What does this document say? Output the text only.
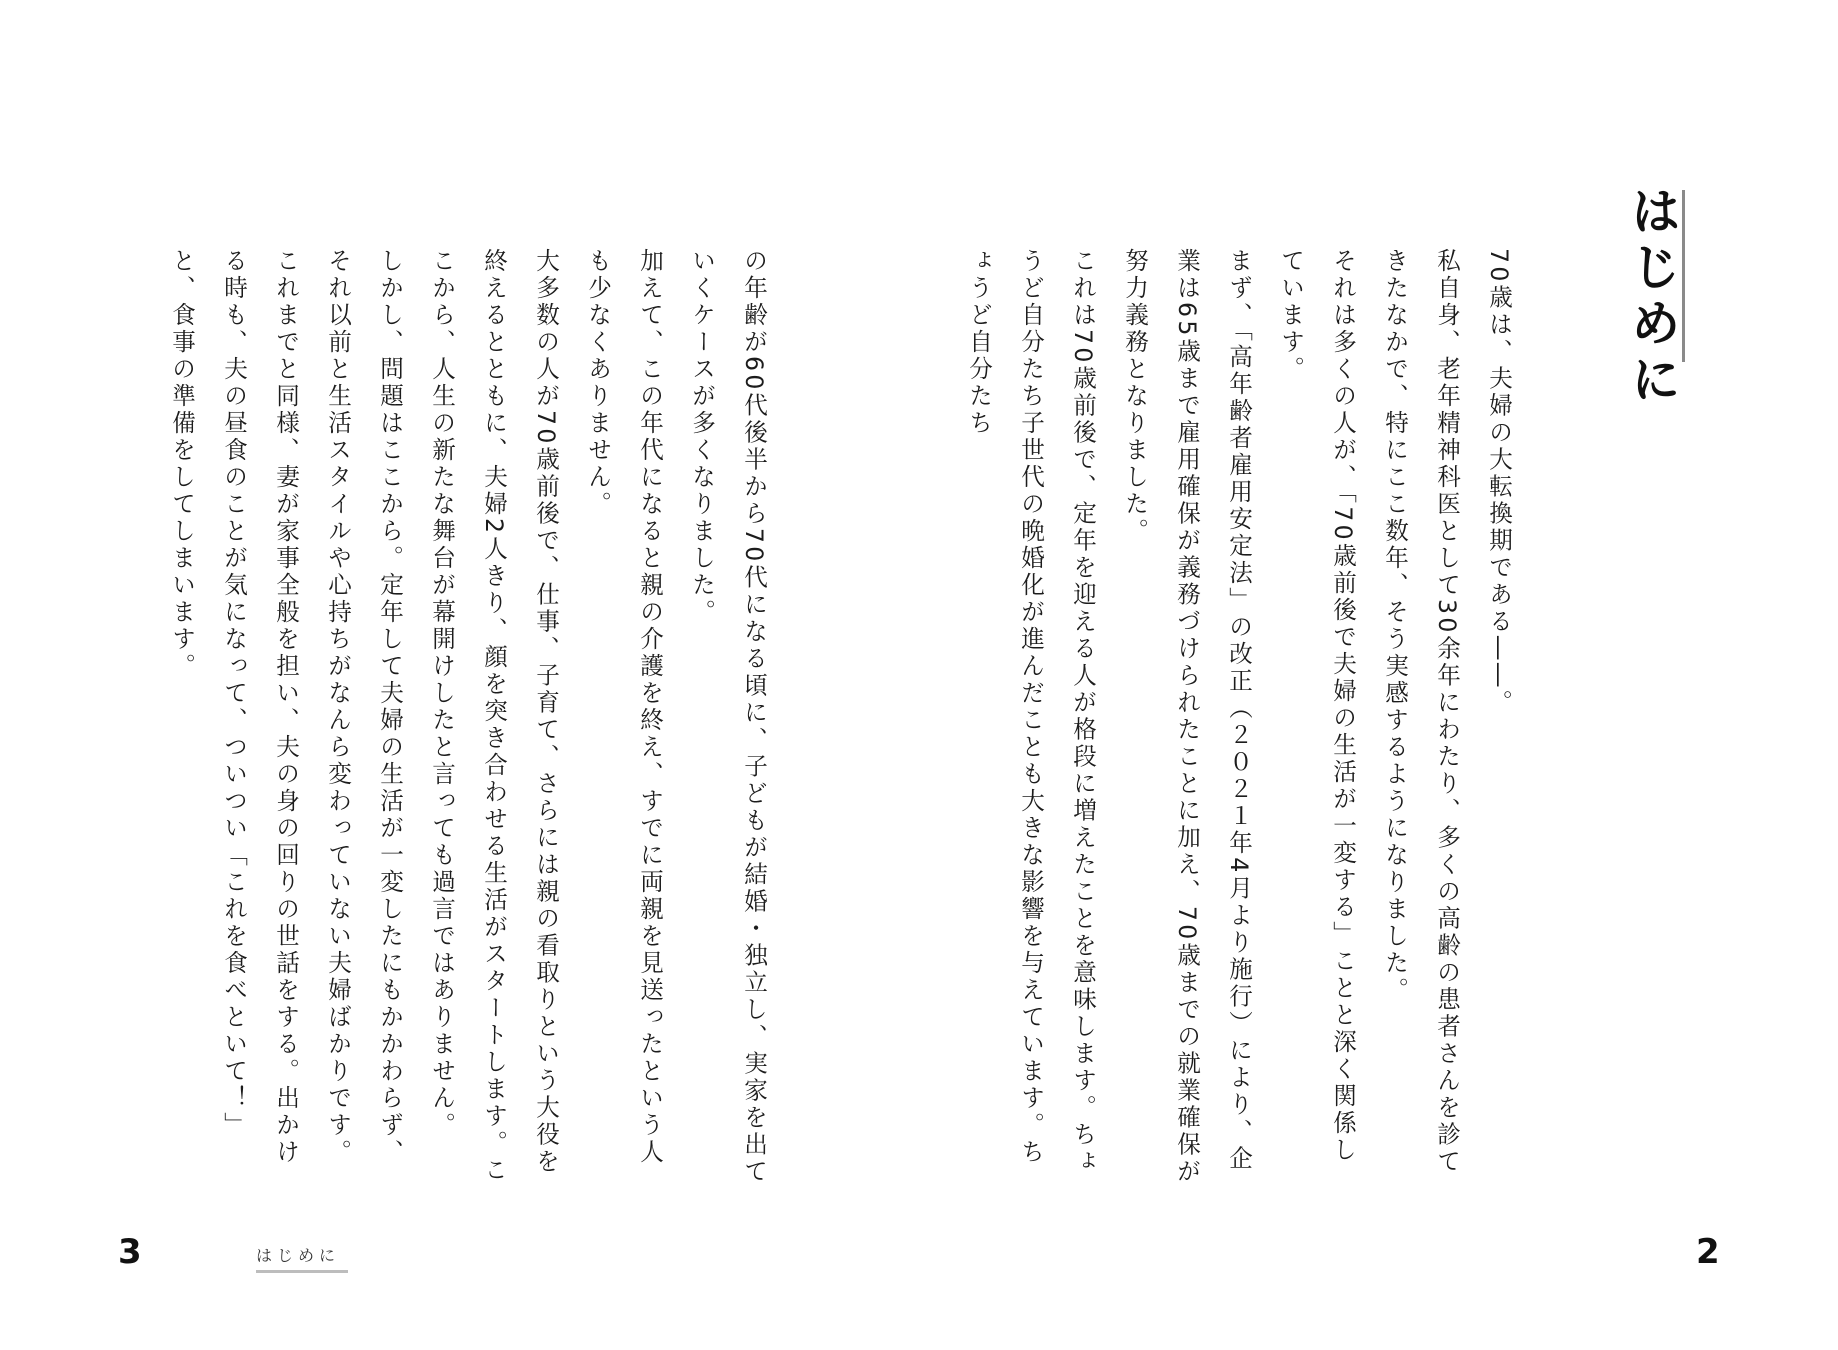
はじめに

70歳は、夫婦の大転換期である――。

私自身、老年精神科医として30余年にわたり、多くの高齢の患者さんを診てきたなかで、特にここ数年、そう実感するようになりました。

それは多くの人が、「70歳前後で夫婦の生活が一変する」ことと深く関係しています。

まず、「高年齢者雇用安定法」の改正（２０２１年4月より施行）により、企業は65歳まで雇用確保が義務づけられたことに加え、70歳までの就業確保が努力義務となりました。

これは70歳前後で、定年を迎える人が格段に増えたことを意味します。ちょうど自分たち子世代の晩婚化が進んだことも大きな影響を与えています。ちょうど自分たち

の年齢が60代後半から70代になる頃に、子どもが結婚・独立し、実家を出ていくケースが多くなりました。

加えて、この年代になると親の介護を終え、すでに両親を見送ったという人も少なくありません。

大多数の人が70歳前後で、仕事、子育て、さらには親の看取りという大役を終えるとともに、夫婦2人きり、顔を突き合わせる生活がスタートします。ここから、人生の新たな舞台が幕開けしたと言っても過言ではありません。

しかし、問題はここから。定年して夫婦の生活が一変したにもかかわらず、それ以前と生活スタイルや心持ちがなんら変わっていない夫婦ばかりです。

これまでと同様、妻が家事全般を担い、夫の身の回りの世話をする。出かける時も、夫の昼食のことが気になって、ついつい「これを食べといて！」と、食事の準備をしてしまいます。

3	はじめに	2
